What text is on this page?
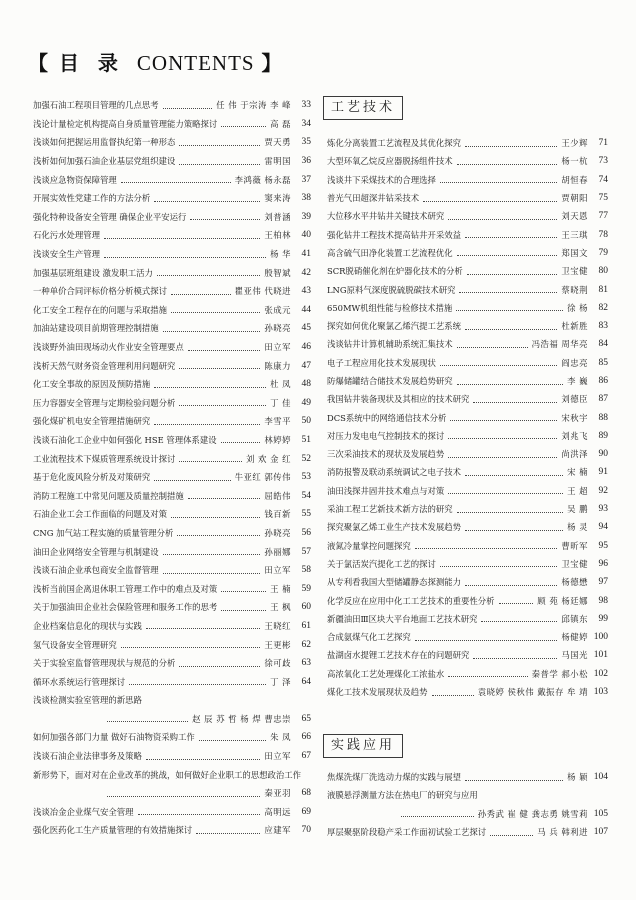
【 目 录 CONTENTS 】
加强石油工程项目管理的几点思考	任 伟 于宗涛 李 峰	33
浅论计量检定机构提高自身质量管理能力策略探讨	高 磊	34
浅谈如何把握运用监督执纪第一种形态	贾天勇	35
浅析如何加强石油企业基层党组织建设	雷明国	36
浅谈应急物资保障管理	李鸿薇 杨永磊	37
开展实效性党建工作的方法分析	窦来涛	38
强化特种设备安全管理 确保企业平安运行	刘普涵	39
石化污水处理管理	王柏林	40
浅谈安全生产管理	杨 华	41
加强基层班组建设 激发职工活力	殷智斌	42
一种单价合同评标价格分析模式探讨	瞿亚伟 代晓进	43
化工安全工程存在的问题与采取措施	张成元	44
加油站建设项目前期管理控制措施	孙晓亮	45
浅谈野外油田现场动火作业安全管理要点	田立军	46
浅析天然气财务资金管理利用问题研究	陈康力	47
化工安全事故的原因及预防措施	杜 凤	48
压力容器安全管理与定期检验问题分析	丁 佳	49
强化煤矿机电安全管理措施研究	李雪平	50
浅谈石油化工企业中如何强化 HSE 管理体系建设	林婷婷	51
工业流程技术下煤质管理系统设计探讨	刘 欢 金 红	52
基于危化废风险分析及对策研究	牛亚红 郭传伟	53
消防工程施工中常见问题及质量控制措施	屈皓伟	54
石油企业工会工作面临的问题及对策	钱百新	55
CNG 加气站工程实施的质量管理分析	孙晓亮	56
油田企业网络安全管理与机制建设	孙丽娜	57
浅谈石油企业承包商安全监督管理	田立军	58
浅析当前国企离退休职工管理工作中的难点及对策	王 楠	59
关于加强油田企业社会保险管理和服务工作的思考	王 枫	60
企业档案信息化的现状与实践	王晓红	61
氢气设备安全管理研究	王更彬	62
关于实验室监督管理现状与规范的分析	徐可歧	63
循环水系统运行管理探讨	丁 泽	64
浅谈检测实验室管理的新思路
赵 辰 苏 哲 杨 焊 曹忠崇	65
如何加强各部门力量 做好石油物资采购工作	朱 凤	66
浅谈石油企业法律事务及策略	田立军	67
新形势下，面对对在企业改革的挑战，如何做好企业职工的思想政治工作
秦亚羽	68
浅谈冶金企业煤气安全管理	高明远	69
强化医药化工生产质量管理的有效措施探讨	应建军	70
工艺技术
炼化分离装置工艺流程及其优化探究	王少辉	71
大型环氧乙烷反应器脱扬组件技术	杨一杭	73
浅谈井下采煤技术的合理选择	胡恒春	74
普光气田超深井钻采技术	贾朝阳	75
大位移水平井钻井关键技术研究	刘天恩	77
强化钻井工程技术提高钻井开采效益	王三琪	78
高含硫气田净化装置工艺流程优化	郑国文	79
SCR脱硝催化剂在炉器化技术的分析	卫宝健	80
LNG原料气深度脱硫脱碳技术研究	蔡晓荆	81
650MW机组性能与检修技术措施	徐 杨	82
探究如何优化聚氯乙烯汽提工艺系统	杜新胜	83
浅谈钻井计算机辅助系统汇集技术	冯浩福 周华亮	84
电子工程应用化技术发展现状	阎忠亮	85
防爆储罐结合储技术发展趋势研究	李 巍	86
我国钻井装备现状及其相应的技术研究	刘德臣	87
DCS系统中的网络通信技术分析	宋秋宇	88
对压力发电电气控制技术的探讨	刘兆飞	89
三次采油技术的现状及发展趋势	尚洪泽	90
消防报警及联动系统调试之电子技术	宋 楠	91
油田浅探井固井技术难点与对策	王 超	92
采油工程工艺新技术新方法的研究	吴 鹏	93
探究聚氯乙烯工业生产技术发展趋势	杨 灵	94
液氮冷量掌控问题探究	曹昕军	95
关于氯活炭汽提化工艺的探讨	卫宝健	96
从专利看我国大型储罐静态探测能力	杨德懋	97
化学反应在应用中化工工艺技术的重要性分析	顾 苑 杨廷娜	98
新疆油田Ⅲ区块大平台地面工艺技术研究	邱镇东	99
合成氨煤气化工艺探究	杨健婷 100
盐湖卤水提锂工艺技术存在的问题研究	马国光 101
高浓氧化工艺处理煤化工浓盐水	秦普学 郝小松 102
煤化工技术发展现状及趋势	袁晓婷 侯秋伟 戴振存 牟 靖 103
实践应用
焦煤洗煤厂洗选动力煤的实践与展望	杨 颖 104
液膜悬浮测量方法在热电厂的研究与应用
孙秀武 崔 健 龚志勇 姚雪莉 105
厚层聚驱阶段稳产采工作面初试验工艺探讨	马 兵 韩利进 107
